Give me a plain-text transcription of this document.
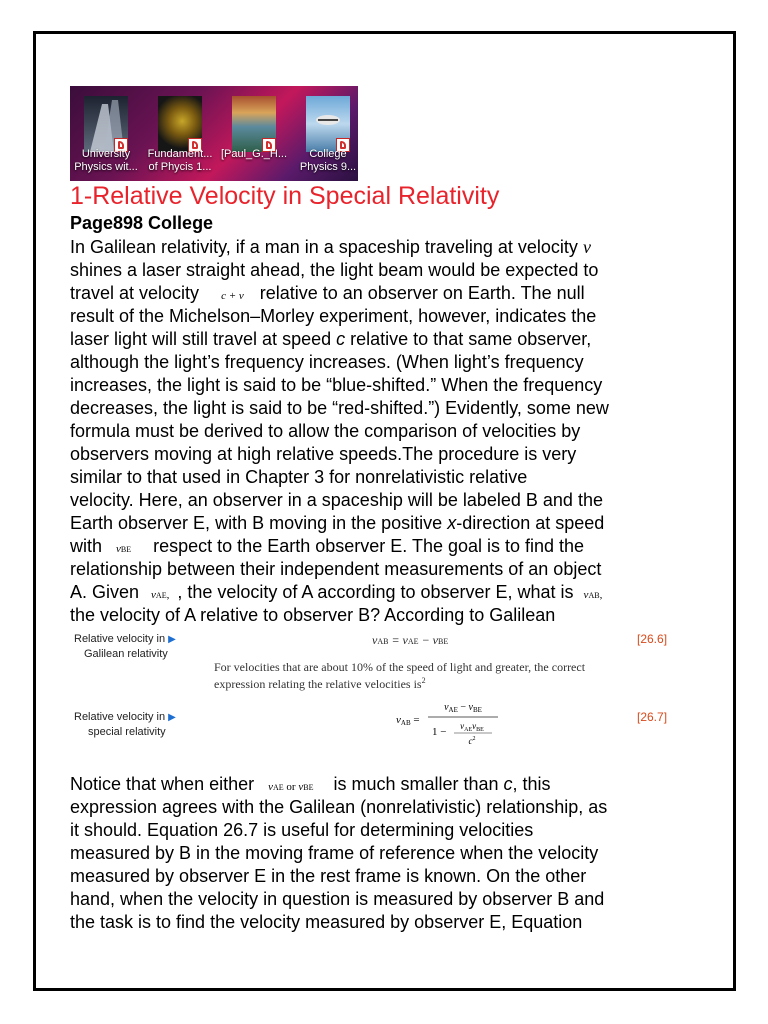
University
Physics wit...
Fundament...
of Phycis 1...
[Paul_G._H...	College
Physics 9...
1-Relative Velocity in Special Relativity
Page898 College
In Galilean relativity, if a man in a spaceship traveling at velocity v
shines a laser straight ahead, the light beam would be expected to
travel at velocity c + v relative to an observer on Earth. The null
result of the Michelson–Morley experiment, however, indicates the
laser light will still travel at speed c relative to that same observer,
although the light’s frequency increases. (When light’s frequency
increases, the light is said to be “blue-shifted.” When the frequency
decreases, the light is said to be “red-shifted.”) Evidently, some new
formula must be derived to allow the comparison of velocities by
observers moving at high relative speeds.The procedure is very
similar to that used in Chapter 3 for nonrelativistic relative
velocity. Here, an observer in a spaceship will be labeled B and the
Earth observer E, with B moving in the positive x-direction at speed
with vBE respect to the Earth observer E. The goal is to find the
relationship between their independent measurements of an object
A. Given vAE, , the velocity of A according to observer E, what is vAB,
the velocity of A relative to observer B? According to Galilean
Relative velocity in ▶
Galilean relativity
vAB = vAE − vBE	[26.6]
For velocities that are about 10% of the speed of light and greater, the correct
expression relating the relative velocities $is^2$
Relative velocity in ▶
special relativity
vAB =
$v_{AE} - v_{BE}$
$1 - v_{AE}v_{BE}$
$c^2$
[26.7]
Notice that when either vAE or vBE is much smaller than c, this
expression agrees with the Galilean (nonrelativistic) relationship, as
it should. Equation 26.7 is useful for determining velocities
measured by B in the moving frame of reference when the velocity
measured by observer E in the rest frame is known. On the other
hand, when the velocity in question is measured by observer B and
the task is to find the velocity measured by observer E, Equation
